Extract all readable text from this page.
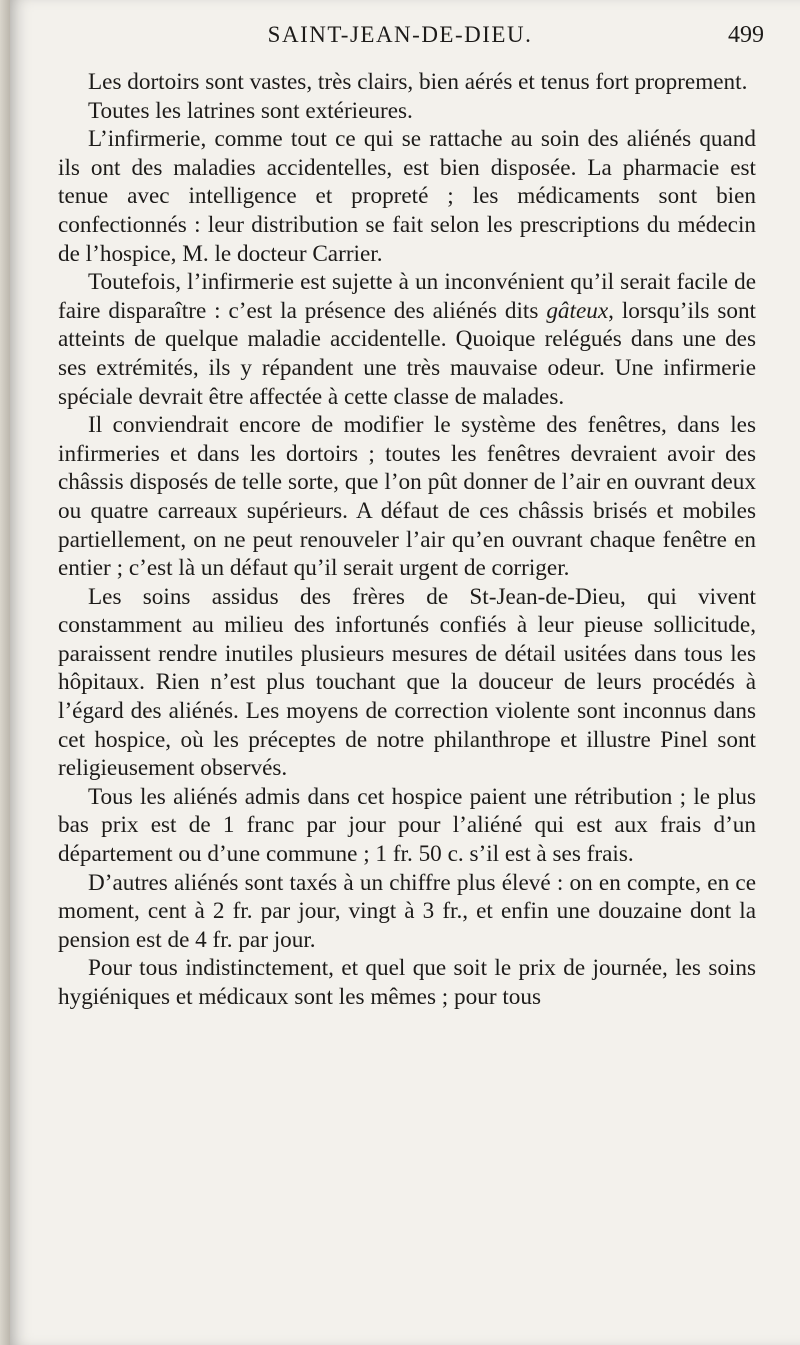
SAINT-JEAN-DE-DIEU.	499

Les dortoirs sont vastes, très clairs, bien aérés et tenus fort proprement.

Toutes les latrines sont extérieures.

L’infirmerie, comme tout ce qui se rattache au soin des aliénés quand ils ont des maladies accidentelles, est bien disposée. La pharmacie est tenue avec intelligence et propreté ; les médicaments sont bien confectionnés : leur distribution se fait selon les prescriptions du médecin de l’hospice, M. le docteur Carrier.

Toutefois, l’infirmerie est sujette à un inconvénient qu’il serait facile de faire disparaître : c’est la présence des aliénés dits gâteux, lorsqu’ils sont atteints de quelque maladie accidentelle. Quoique relégués dans une des ses extrémités, ils y répandent une très mauvaise odeur. Une infirmerie spéciale devrait être affectée à cette classe de malades.

Il conviendrait encore de modifier le système des fenêtres, dans les infirmeries et dans les dortoirs ; toutes les fenêtres devraient avoir des châssis disposés de telle sorte, que l’on pût donner de l’air en ouvrant deux ou quatre carreaux supérieurs. A défaut de ces châssis brisés et mobiles partiellement, on ne peut renouveler l’air qu’en ouvrant chaque fenêtre en entier ; c’est là un défaut qu’il serait urgent de corriger.

Les soins assidus des frères de St-Jean-de-Dieu, qui vivent constamment au milieu des infortunés confiés à leur pieuse sollicitude, paraissent rendre inutiles plusieurs mesures de détail usitées dans tous les hôpitaux. Rien n’est plus touchant que la douceur de leurs procédés à l’égard des aliénés. Les moyens de correction violente sont inconnus dans cet hospice, où les préceptes de notre philanthrope et illustre Pinel sont religieusement observés.

Tous les aliénés admis dans cet hospice paient une rétribution ; le plus bas prix est de 1 franc par jour pour l’aliéné qui est aux frais d’un département ou d’une commune ; 1 fr. 50 c. s’il est à ses frais.

D’autres aliénés sont taxés à un chiffre plus élevé : on en compte, en ce moment, cent à 2 fr. par jour, vingt à 3 fr., et enfin une douzaine dont la pension est de 4 fr. par jour.

Pour tous indistinctement, et quel que soit le prix de journée, les soins hygiéniques et médicaux sont les mêmes ; pour tous
